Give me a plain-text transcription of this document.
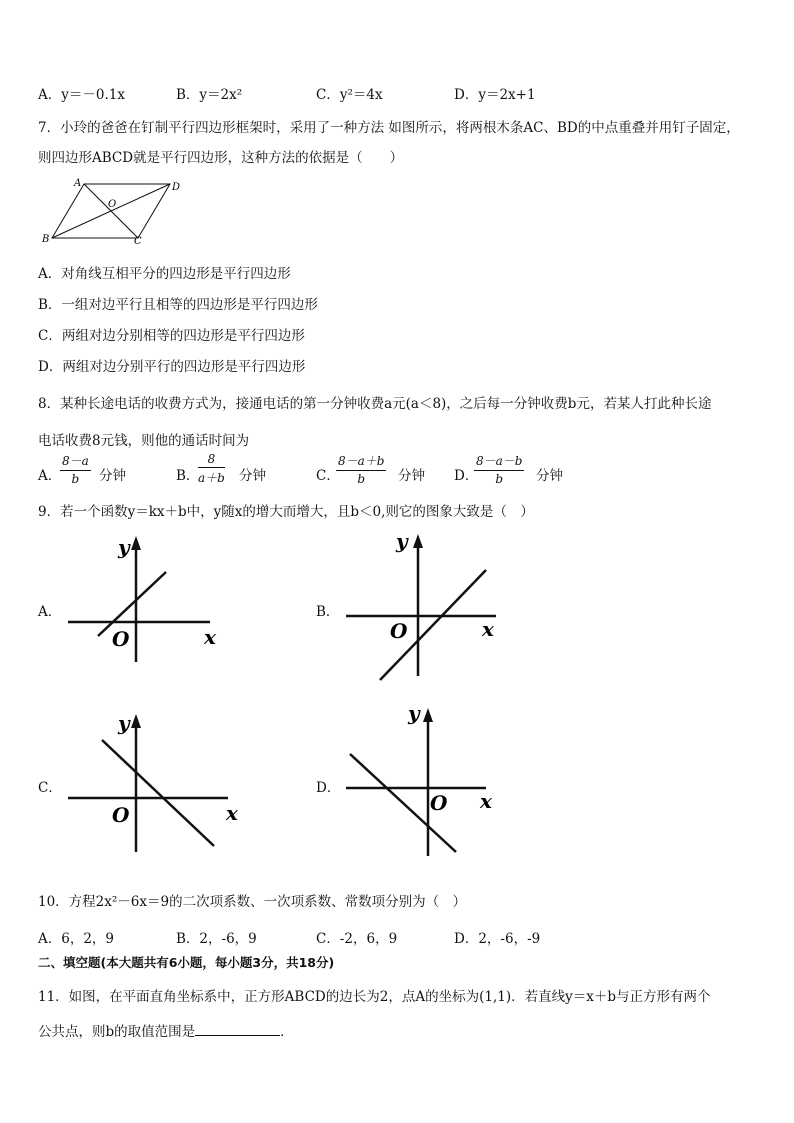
A．y＝－0.1x	B．y＝2x²	C．y²＝4x	D．y＝2x+1
7．小玲的爸爸在钉制平行四边形框架时，采用了一种方法 如图所示，将两根木条AC、BD的中点重叠并用钉子固定，
则四边形ABCD就是平行四边形，这种方法的依据是（　　）
A	D
B	C
O
A．对角线互相平分的四边形是平行四边形
B．一组对边平行且相等的四边形是平行四边形
C．两组对边分别相等的四边形是平行四边形
D．两组对边分别平行的四边形是平行四边形
8．某种长途电话的收费方式为，接通电话的第一分钟收费a元(a＜8)，之后每一分钟收费b元，若某人打此种长途
电话收费8元钱，则他的通话时间为
A．
8－a
b	分钟	B．
8
a＋b 分钟	C．
8－a＋b
b	分钟 D．
8－a－b
b	分钟
9．若一个函数y＝kx＋b中，y随x的增大而增大，且b＜0,则它的图象大致是（　）
A．
y
x
O
B．
y
x
O
C．
y
x
O
D．
y
x
O
10．方程2x²－6x＝9的二次项系数、一次项系数、常数项分别为（　）
A．6，2，9	B．2，-6，9	C．-2，6，9	D．2，-6，-9
二、填空题(本大题共有6小题，每小题3分，共18分)
11．如图，在平面直角坐标系中，正方形ABCD的边长为2，点A的坐标为(1,1)．若直线y＝x＋b与正方形有两个
公共点，则b的取值范围是	．
